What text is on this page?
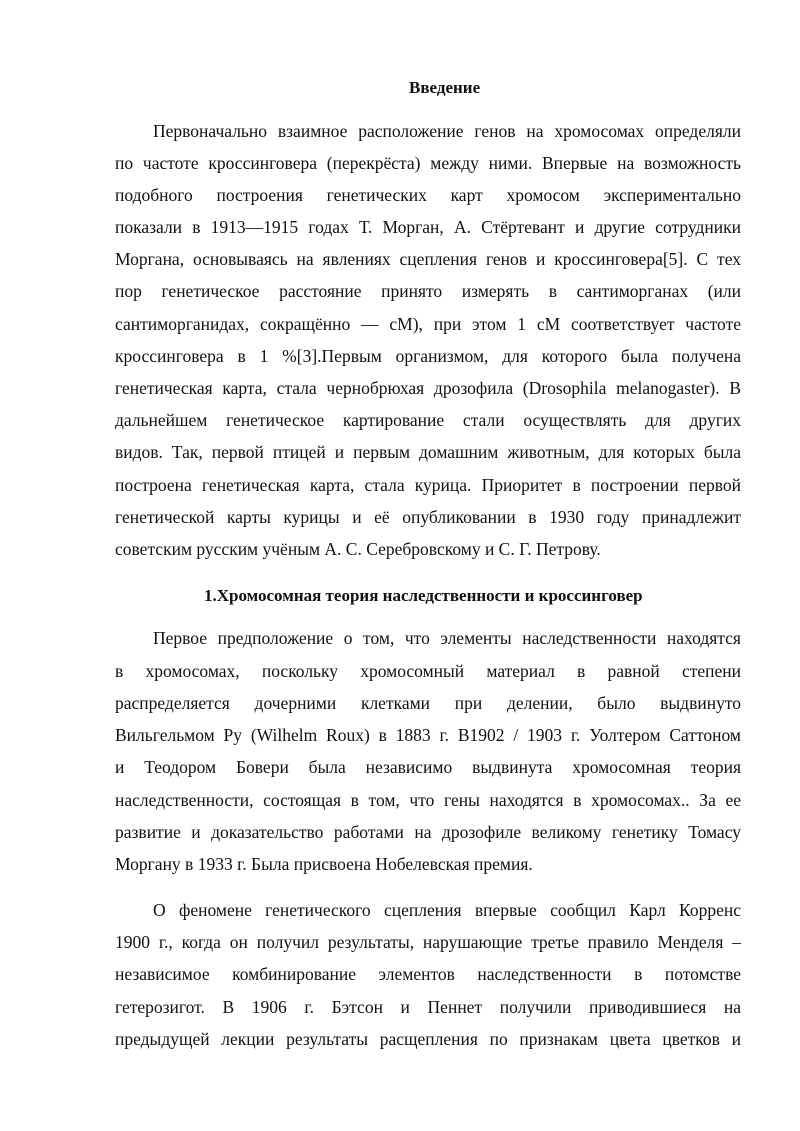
Введение

Первоначально взаимное расположение генов на хромосомах определяли

по частоте кроссинговера (перекрёста) между ними. Впервые на возможность

подобного построения генетических карт хромосом экспериментально

показали в 1913—1915 годах Т. Морган, А. Стёртевант и другие сотрудники

Моргана, основываясь на явлениях сцепления генов и кроссинговера[5]. С тех

пор генетическое расстояние принято измерять в сантиморганах (или

сантиморганидах, сокращённо — cM), при этом 1 сМ соответствует частоте

кроссинговера в 1 %[3].Первым организмом, для которого была получена

генетическая карта, стала чернобрюхая дрозофила (Drosophila melanogaster). В

дальнейшем генетическое картирование стали осуществлять для других

видов. Так, первой птицей и первым домашним животным, для которых была

построена генетическая карта, стала курица. Приоритет в построении первой

генетической карты курицы и её опубликовании в 1930 году принадлежит

советским русским учёным А. С. Серебровскому и С. Г. Петрову.

1.Хромосомная теория наследственности и кроссинговер

Первое предположение о том, что элементы наследственности находятся

в хромосомах, поскольку хромосомный материал в равной степени

распределяется дочерними клетками при делении, было выдвинуто

Вильгельмом Ру (Wilhelm Roux) в 1883 г. В1902 / 1903 г. Уолтером Саттоном

и Теодором Бовери была независимо выдвинута хромосомная теория

наследственности, состоящая в том, что гены находятся в хромосомах.. За ее

развитие и доказательство работами на дрозофиле великому генетику Томасу

Моргану в 1933 г. Была присвоена Нобелевская премия.

О феномене генетического сцепления впервые сообщил Карл Корренс

1900 г., когда он получил результаты, нарушающие третье правило Менделя –

независимое комбинирование элементов наследственности в потомстве

гетерозигот. В 1906 г. Бэтсон и Пеннет получили приводившиеся на

предыдущей лекции результаты расщепления по признакам цвета цветков и
